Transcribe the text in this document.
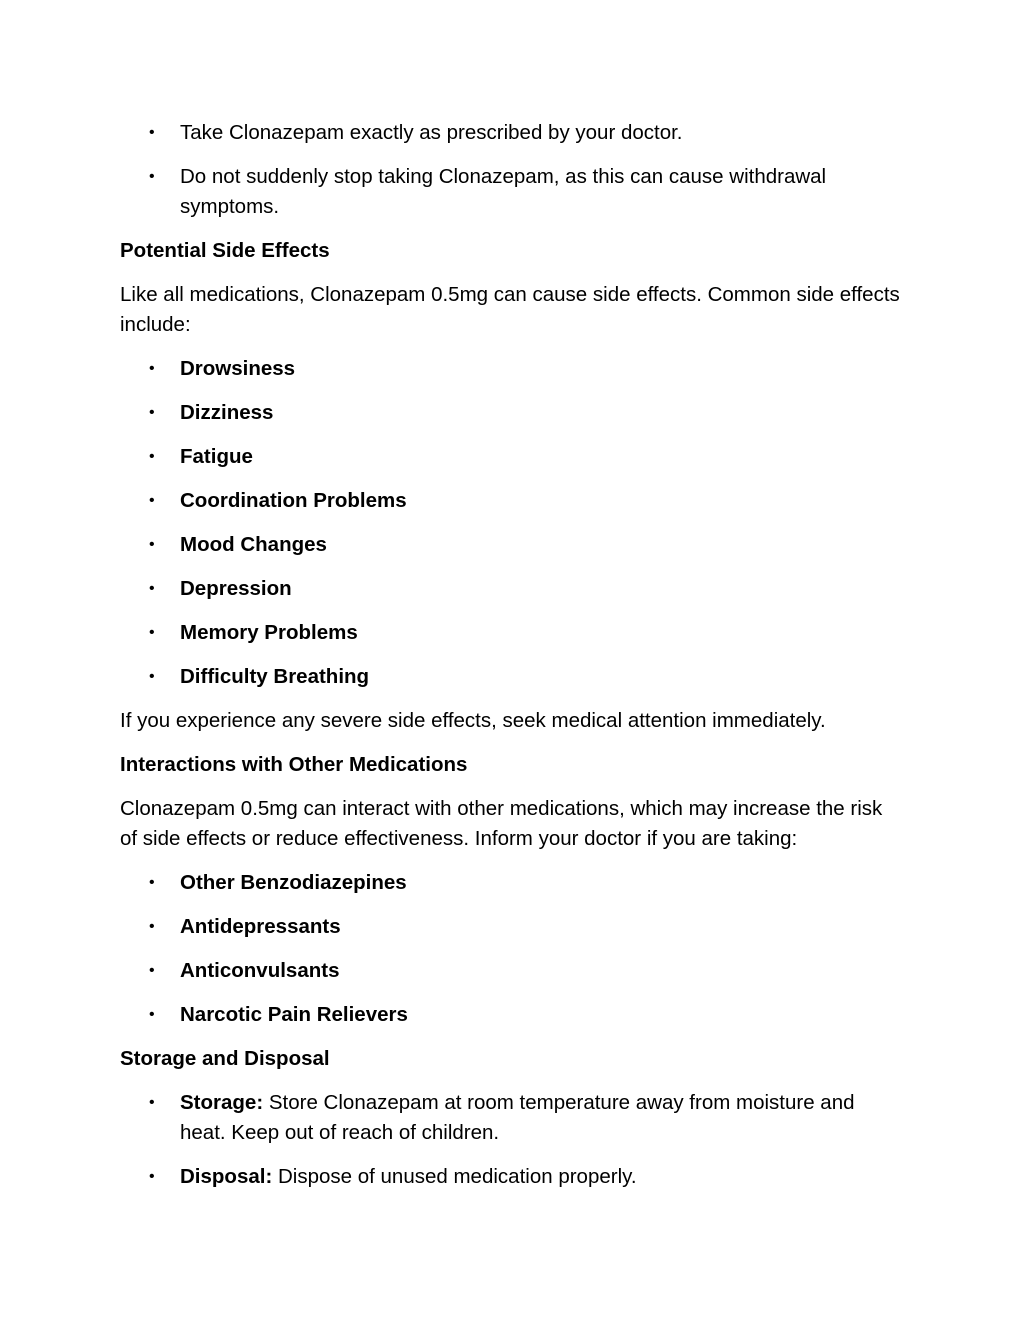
• Take Clonazepam exactly as prescribed by your doctor.
• Do not suddenly stop taking Clonazepam, as this can cause withdrawal symptoms.

Potential Side Effects

Like all medications, Clonazepam 0.5mg can cause side effects. Common side effects include:

• Drowsiness
• Dizziness
• Fatigue
• Coordination Problems
• Mood Changes
• Depression
• Memory Problems
• Difficulty Breathing

If you experience any severe side effects, seek medical attention immediately.

Interactions with Other Medications

Clonazepam 0.5mg can interact with other medications, which may increase the risk of side effects or reduce effectiveness. Inform your doctor if you are taking:

• Other Benzodiazepines
• Antidepressants
• Anticonvulsants
• Narcotic Pain Relievers

Storage and Disposal

• Storage: Store Clonazepam at room temperature away from moisture and heat. Keep out of reach of children.
• Disposal: Dispose of unused medication properly.
